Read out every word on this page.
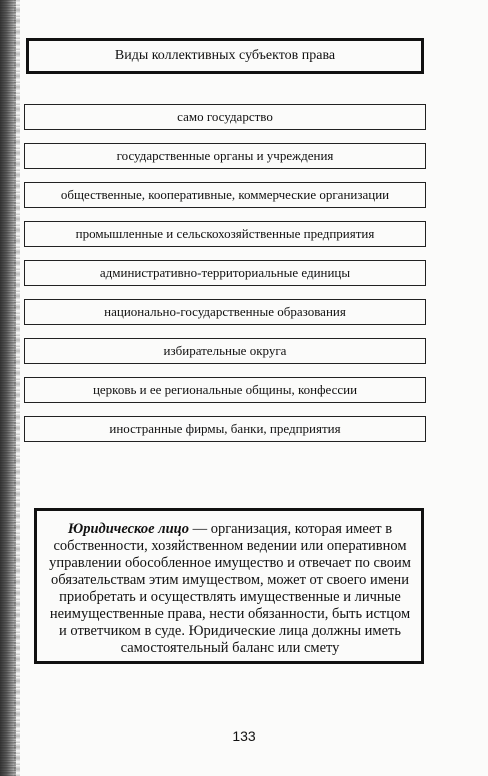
Виды коллективных субъектов права
само государство
государственные органы и учреждения
общественные, кооперативные, коммерческие организации
промышленные и сельскохозяйственные предприятия
административно-территориальные единицы
национально-государственные образования
избирательные округа
церковь и ее региональные общины, конфессии
иностранные фирмы, банки, предприятия
Юридическое лицо — организация, которая имеет в собственности, хозяйственном ведении или оперативном управлении обособленное имущество и отвечает по своим обязательствам этим имуществом, может от своего имени приобретать и осуществлять имущественные и личные неимущественные права, нести обязанности, быть истцом и ответчиком в суде. Юридические лица должны иметь самостоятельный баланс или смету
133
